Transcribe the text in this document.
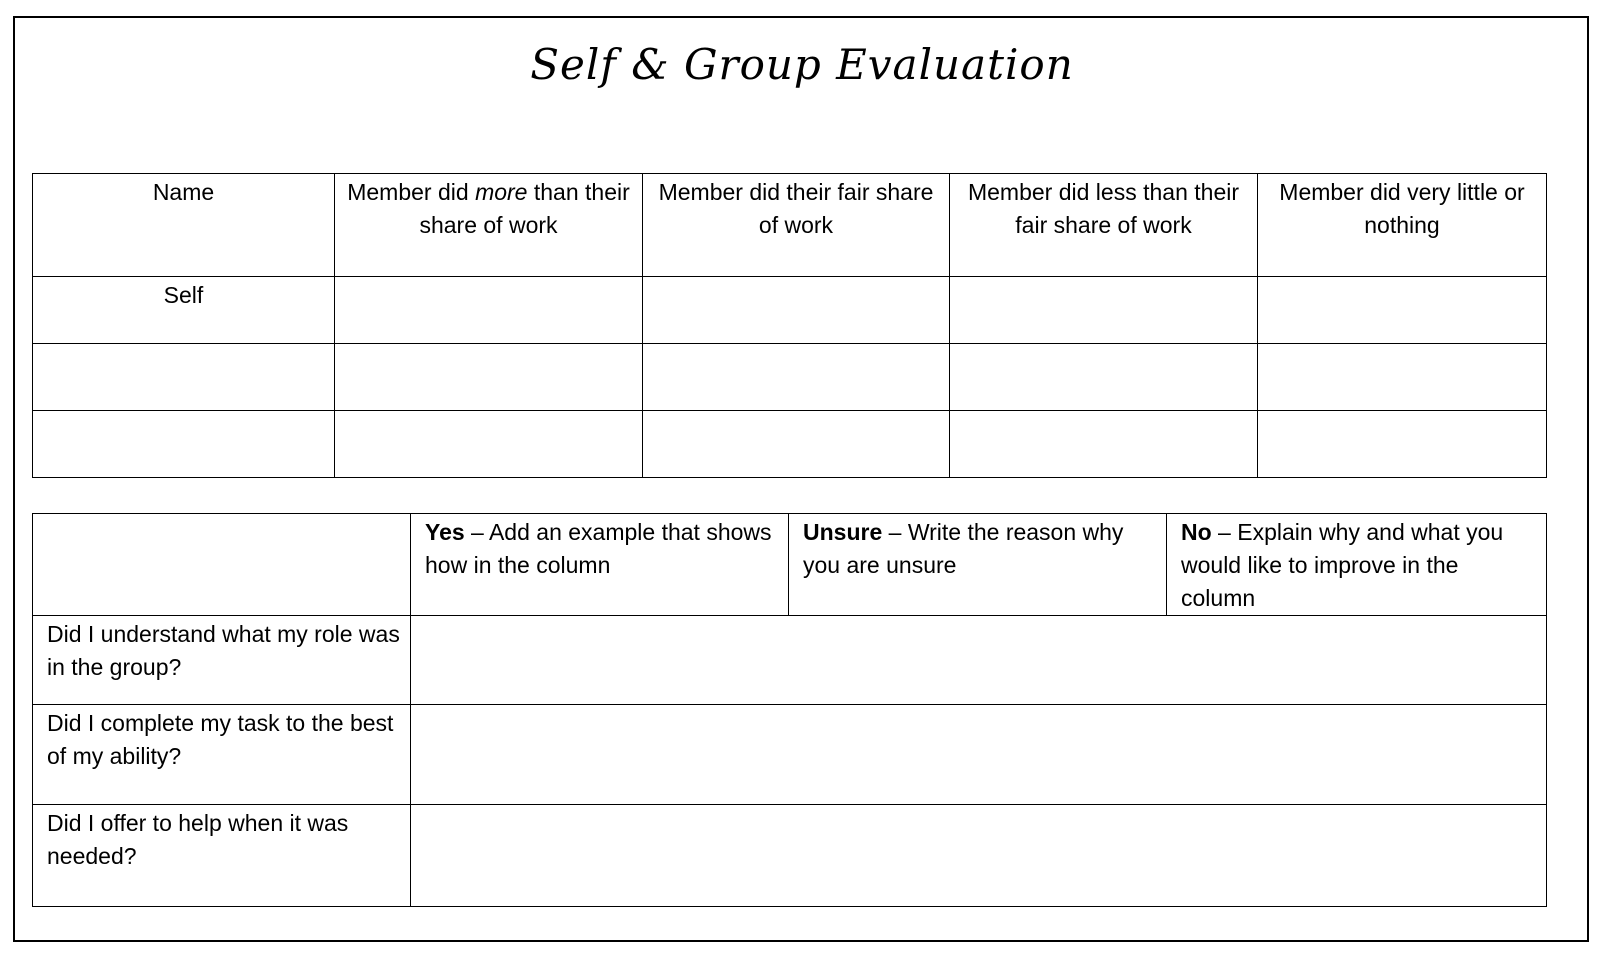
Self & Group Evaluation
Name	Member did more than their share of work	Member did their fair share of work	Member did less than their fair share of work	Member did very little or nothing
Self				

	Yes – Add an example that shows how in the column	Unsure – Write the reason why you are unsure	No – Explain why and what you would like to improve in the column
Did I understand what my role was in the group?			
Did I complete my task to the best of my ability?			
Did I offer to help when it was needed?			
